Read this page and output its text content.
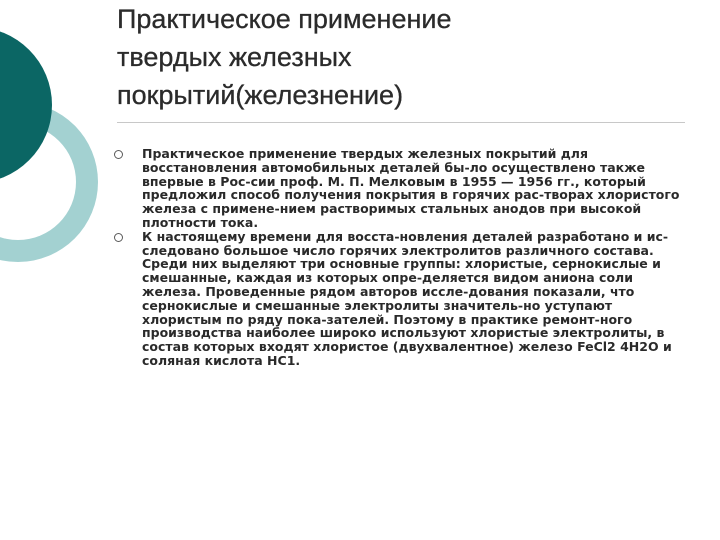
Практическое применение
твердых железных
покрытий(железнение)
Практическое применение твердых железных покрытий для восстановления автомобильных деталей бы-ло осуществлено также впервые в Рос-сии проф. М. П. Мелковым в 1955 — 1956 гг., который предложил способ получения покрытия в горячих рас-творах хлористого железа с примене-нием растворимых стальных анодов при высокой плотности тока.
К настоящему времени для восста-новления деталей разработано и ис-следовано большое число горячих электролитов различного состава. Среди них выделяют три основные группы: хлористые, сернокислые и смешанные, каждая из которых опре-деляется видом аниона соли железа. Проведенные рядом авторов иссле-дования показали, что сернокислые и смешанные электролиты значитель-но уступают хлористым по ряду пока-зателей. Поэтому в практике ремонт-ного производства наиболее широко используют хлористые электролиты, в состав которых входят хлористое (двухвалентное) железо FeCl2 4H2O и соляная кислота HC1.
